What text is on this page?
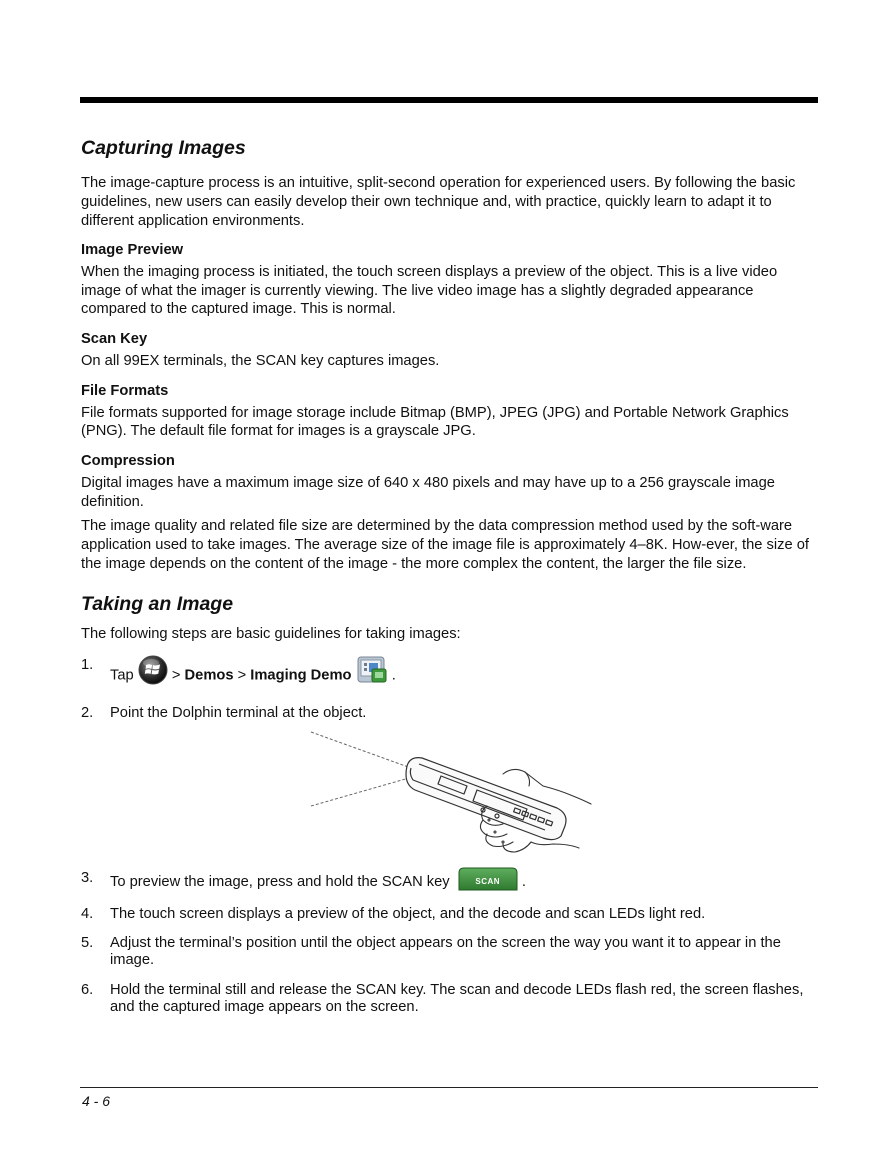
Capturing Images

The image-capture process is an intuitive, split-second operation for experienced users. By following the basic guidelines, new users can easily develop their own technique and, with practice, quickly learn to adapt it to different application environments.

Image Preview

When the imaging process is initiated, the touch screen displays a preview of the object. This is a live video image of what the imager is currently viewing. The live video image has a slightly degraded appearance compared to the captured image. This is normal.

Scan Key

On all 99EX terminals, the SCAN key captures images.

File Formats

File formats supported for image storage include Bitmap (BMP), JPEG (JPG) and Portable Network Graphics (PNG). The default file format for images is a grayscale JPG.

Compression

Digital images have a maximum image size of 640 x 480 pixels and may have up to a 256 grayscale image definition.

The image quality and related file size are determined by the data compression method used by the soft-ware application used to take images. The average size of the image file is approximately 4–8K. How-ever, the size of the image depends on the content of the image - the more complex the content, the larger the file size.

Taking an Image

The following steps are basic guidelines for taking images:

1.
Tap	> Demos > Imaging Demo	.
2. Point the Dolphin terminal at the object.
3. To preview the image, press and hold the SCAN key	SCAN	.
4. The touch screen displays a preview of the object, and the decode and scan LEDs light red.
5. Adjust the terminal’s position until the object appears on the screen the way you want it to appear in the image.
6. Hold the terminal still and release the SCAN key. The scan and decode LEDs flash red, the screen flashes, and the captured image appears on the screen.
4 - 6
